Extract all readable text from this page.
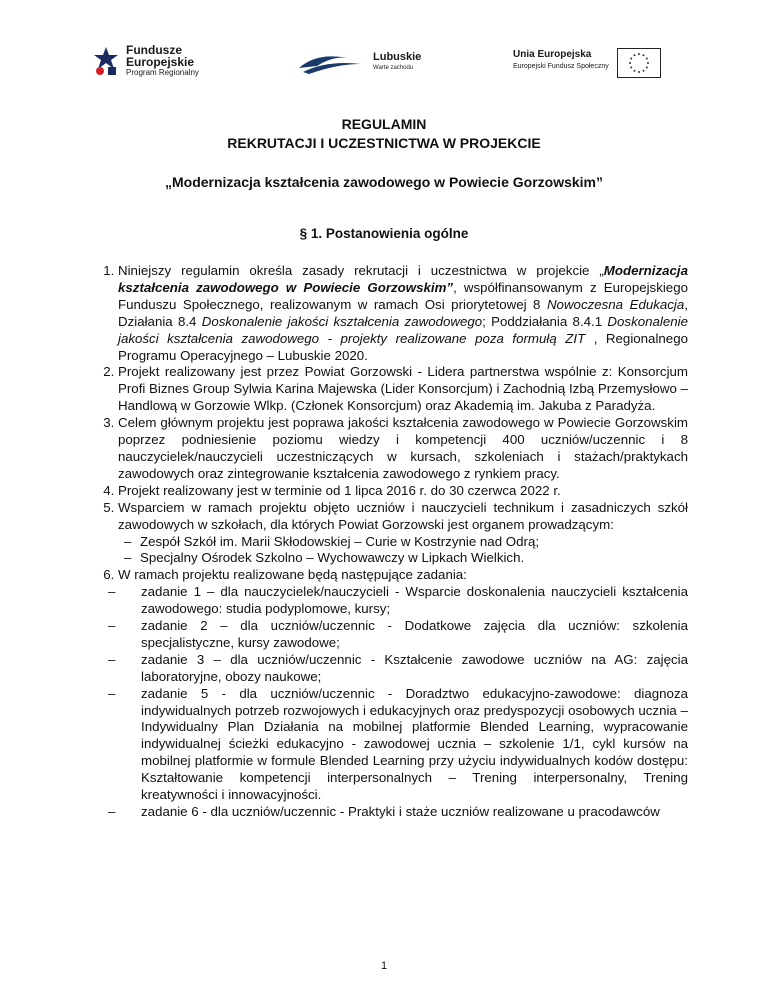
Fundusze
Europejskie
Program Regionalny
Lubuskie
Warte zachodu
Unia Europejska
Europejski Fundusz Społeczny
REGULAMIN
REKRUTACJI I UCZESTNICTWA W PROJEKCIE
„Modernizacja kształcenia zawodowego w Powiecie Gorzowskim”
§ 1. Postanowienia ogólne
1. Niniejszy regulamin określa zasady rekrutacji i uczestnictwa w projekcie „Modernizacja kształcenia zawodowego w Powiecie Gorzowskim”, współfinansowanym z Europejskiego Funduszu Społecznego, realizowanym w ramach Osi priorytetowej 8 Nowoczesna Edukacja, Działania 8.4 Doskonalenie jakości kształcenia zawodowego; Poddziałania 8.4.1 Doskonalenie jakości kształcenia zawodowego - projekty realizowane poza formułą ZIT , Regionalnego Programu Operacyjnego – Lubuskie 2020.
2. Projekt realizowany jest przez Powiat Gorzowski - Lidera partnerstwa wspólnie z: Konsorcjum Profi Biznes Group Sylwia Karina Majewska (Lider Konsorcjum) i Zachodnią Izbą Przemysłowo – Handlową w Gorzowie Wlkp. (Członek Konsorcjum) oraz Akademią im. Jakuba z Paradyża.
3. Celem głównym projektu jest poprawa jakości kształcenia zawodowego w Powiecie Gorzowskim poprzez podniesienie poziomu wiedzy i kompetencji 400 uczniów/uczennic i 8 nauczycielek/nauczycieli uczestniczących w kursach, szkoleniach i stażach/praktykach zawodowych oraz zintegrowanie kształcenia zawodowego z rynkiem pracy.
4. Projekt realizowany jest w terminie od 1 lipca 2016 r. do 30 czerwca 2022 r.
5. Wsparciem w ramach projektu objęto uczniów i nauczycieli technikum i zasadniczych szkół zawodowych w szkołach, dla których Powiat Gorzowski jest organem prowadzącym:
– Zespół Szkół im. Marii Skłodowskiej – Curie w Kostrzynie nad Odrą;
– Specjalny Ośrodek Szkolno – Wychowawczy w Lipkach Wielkich.
6. W ramach projektu realizowane będą następujące zadania:
– zadanie 1 – dla nauczycielek/nauczycieli - Wsparcie doskonalenia nauczycieli kształcenia zawodowego: studia podyplomowe, kursy;
– zadanie 2 – dla uczniów/uczennic - Dodatkowe zajęcia dla uczniów: szkolenia specjalistyczne, kursy zawodowe;
– zadanie 3 – dla uczniów/uczennic - Kształcenie zawodowe uczniów na AG: zajęcia laboratoryjne, obozy naukowe;
– zadanie 5 - dla uczniów/uczennic - Doradztwo edukacyjno-zawodowe: diagnoza indywidualnych potrzeb rozwojowych i edukacyjnych oraz predyspozycji osobowych ucznia – Indywidualny Plan Działania na mobilnej platformie Blended Learning, wypracowanie indywidualnej ścieżki edukacyjno - zawodowej ucznia – szkolenie 1/1, cykl kursów na mobilnej platformie w formule Blended Learning przy użyciu indywidualnych kodów dostępu: Kształtowanie kompetencji interpersonalnych – Trening interpersonalny, Trening kreatywności i innowacyjności.
– zadanie 6 - dla uczniów/uczennic - Praktyki i staże uczniów realizowane u pracodawców
1
